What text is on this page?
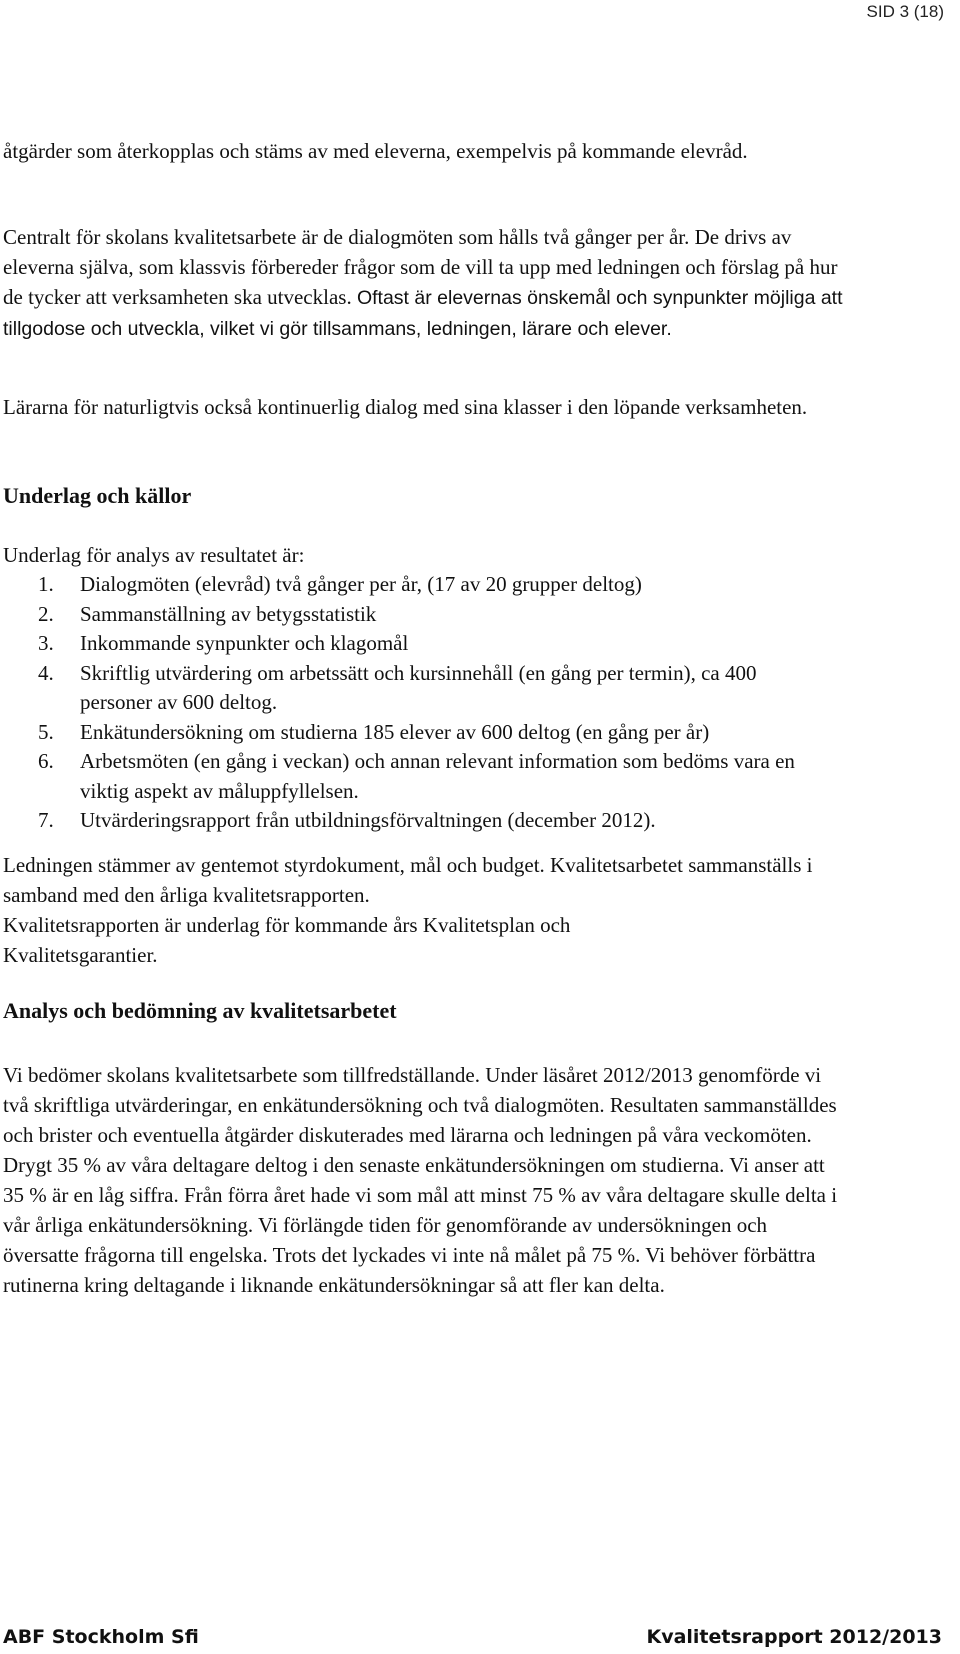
SID 3 (18)

åtgärder som återkopplas och stäms av med eleverna, exempelvis på kommande elevråd.

Centralt för skolans kvalitetsarbete är de dialogmöten som hålls två gånger per år. De drivs av eleverna själva, som klassvis förbereder frågor som de vill ta upp med ledningen och förslag på hur de tycker att verksamheten ska utvecklas. Oftast är elevernas önskemål och synpunkter möjliga att tillgodose och utveckla, vilket vi gör tillsammans, ledningen, lärare och elever.

Lärarna för naturligtvis också kontinuerlig dialog med sina klasser i den löpande verksamheten.

Underlag och källor

Underlag för analys av resultatet är:

1. Dialogmöten (elevråd) två gånger per år, (17 av 20 grupper deltog)
2. Sammanställning av betygsstatistik
3. Inkommande synpunkter och klagomål
4. Skriftlig utvärdering om arbetssätt och kursinnehåll (en gång per termin), ca 400 personer av 600 deltog.
5. Enkätundersökning om studierna 185 elever av 600 deltog (en gång per år)
6. Arbetsmöten (en gång i veckan) och annan relevant information som bedöms vara en viktig aspekt av måluppfyllelsen.
7. Utvärderingsrapport från utbildningsförvaltningen (december 2012).

Ledningen stämmer av gentemot styrdokument, mål och budget. Kvalitetsarbetet sammanställs i samband med den årliga kvalitetsrapporten.

Kvalitetsrapporten är underlag för kommande års Kvalitetsplan och Kvalitetsgarantier.

Analys och bedömning av kvalitetsarbetet

Vi bedömer skolans kvalitetsarbete som tillfredställande. Under läsåret 2012/2013 genomförde vi två skriftliga utvärderingar, en enkätundersökning och två dialogmöten. Resultaten sammanställdes och brister och eventuella åtgärder diskuterades med lärarna och ledningen på våra veckomöten. Drygt 35 % av våra deltagare deltog i den senaste enkätundersökningen om studierna. Vi anser att 35 % är en låg siffra. Från förra året hade vi som mål att minst 75 % av våra deltagare skulle delta i vår årliga enkätundersökning. Vi förlängde tiden för genomförande av undersökningen och översatte frågorna till engelska. Trots det lyckades vi inte nå målet på 75 %. Vi behöver förbättra rutinerna kring deltagande i liknande enkätundersökningar så att fler kan delta.

ABF Stockholm Sfi	Kvalitetsrapport 2012/2013
